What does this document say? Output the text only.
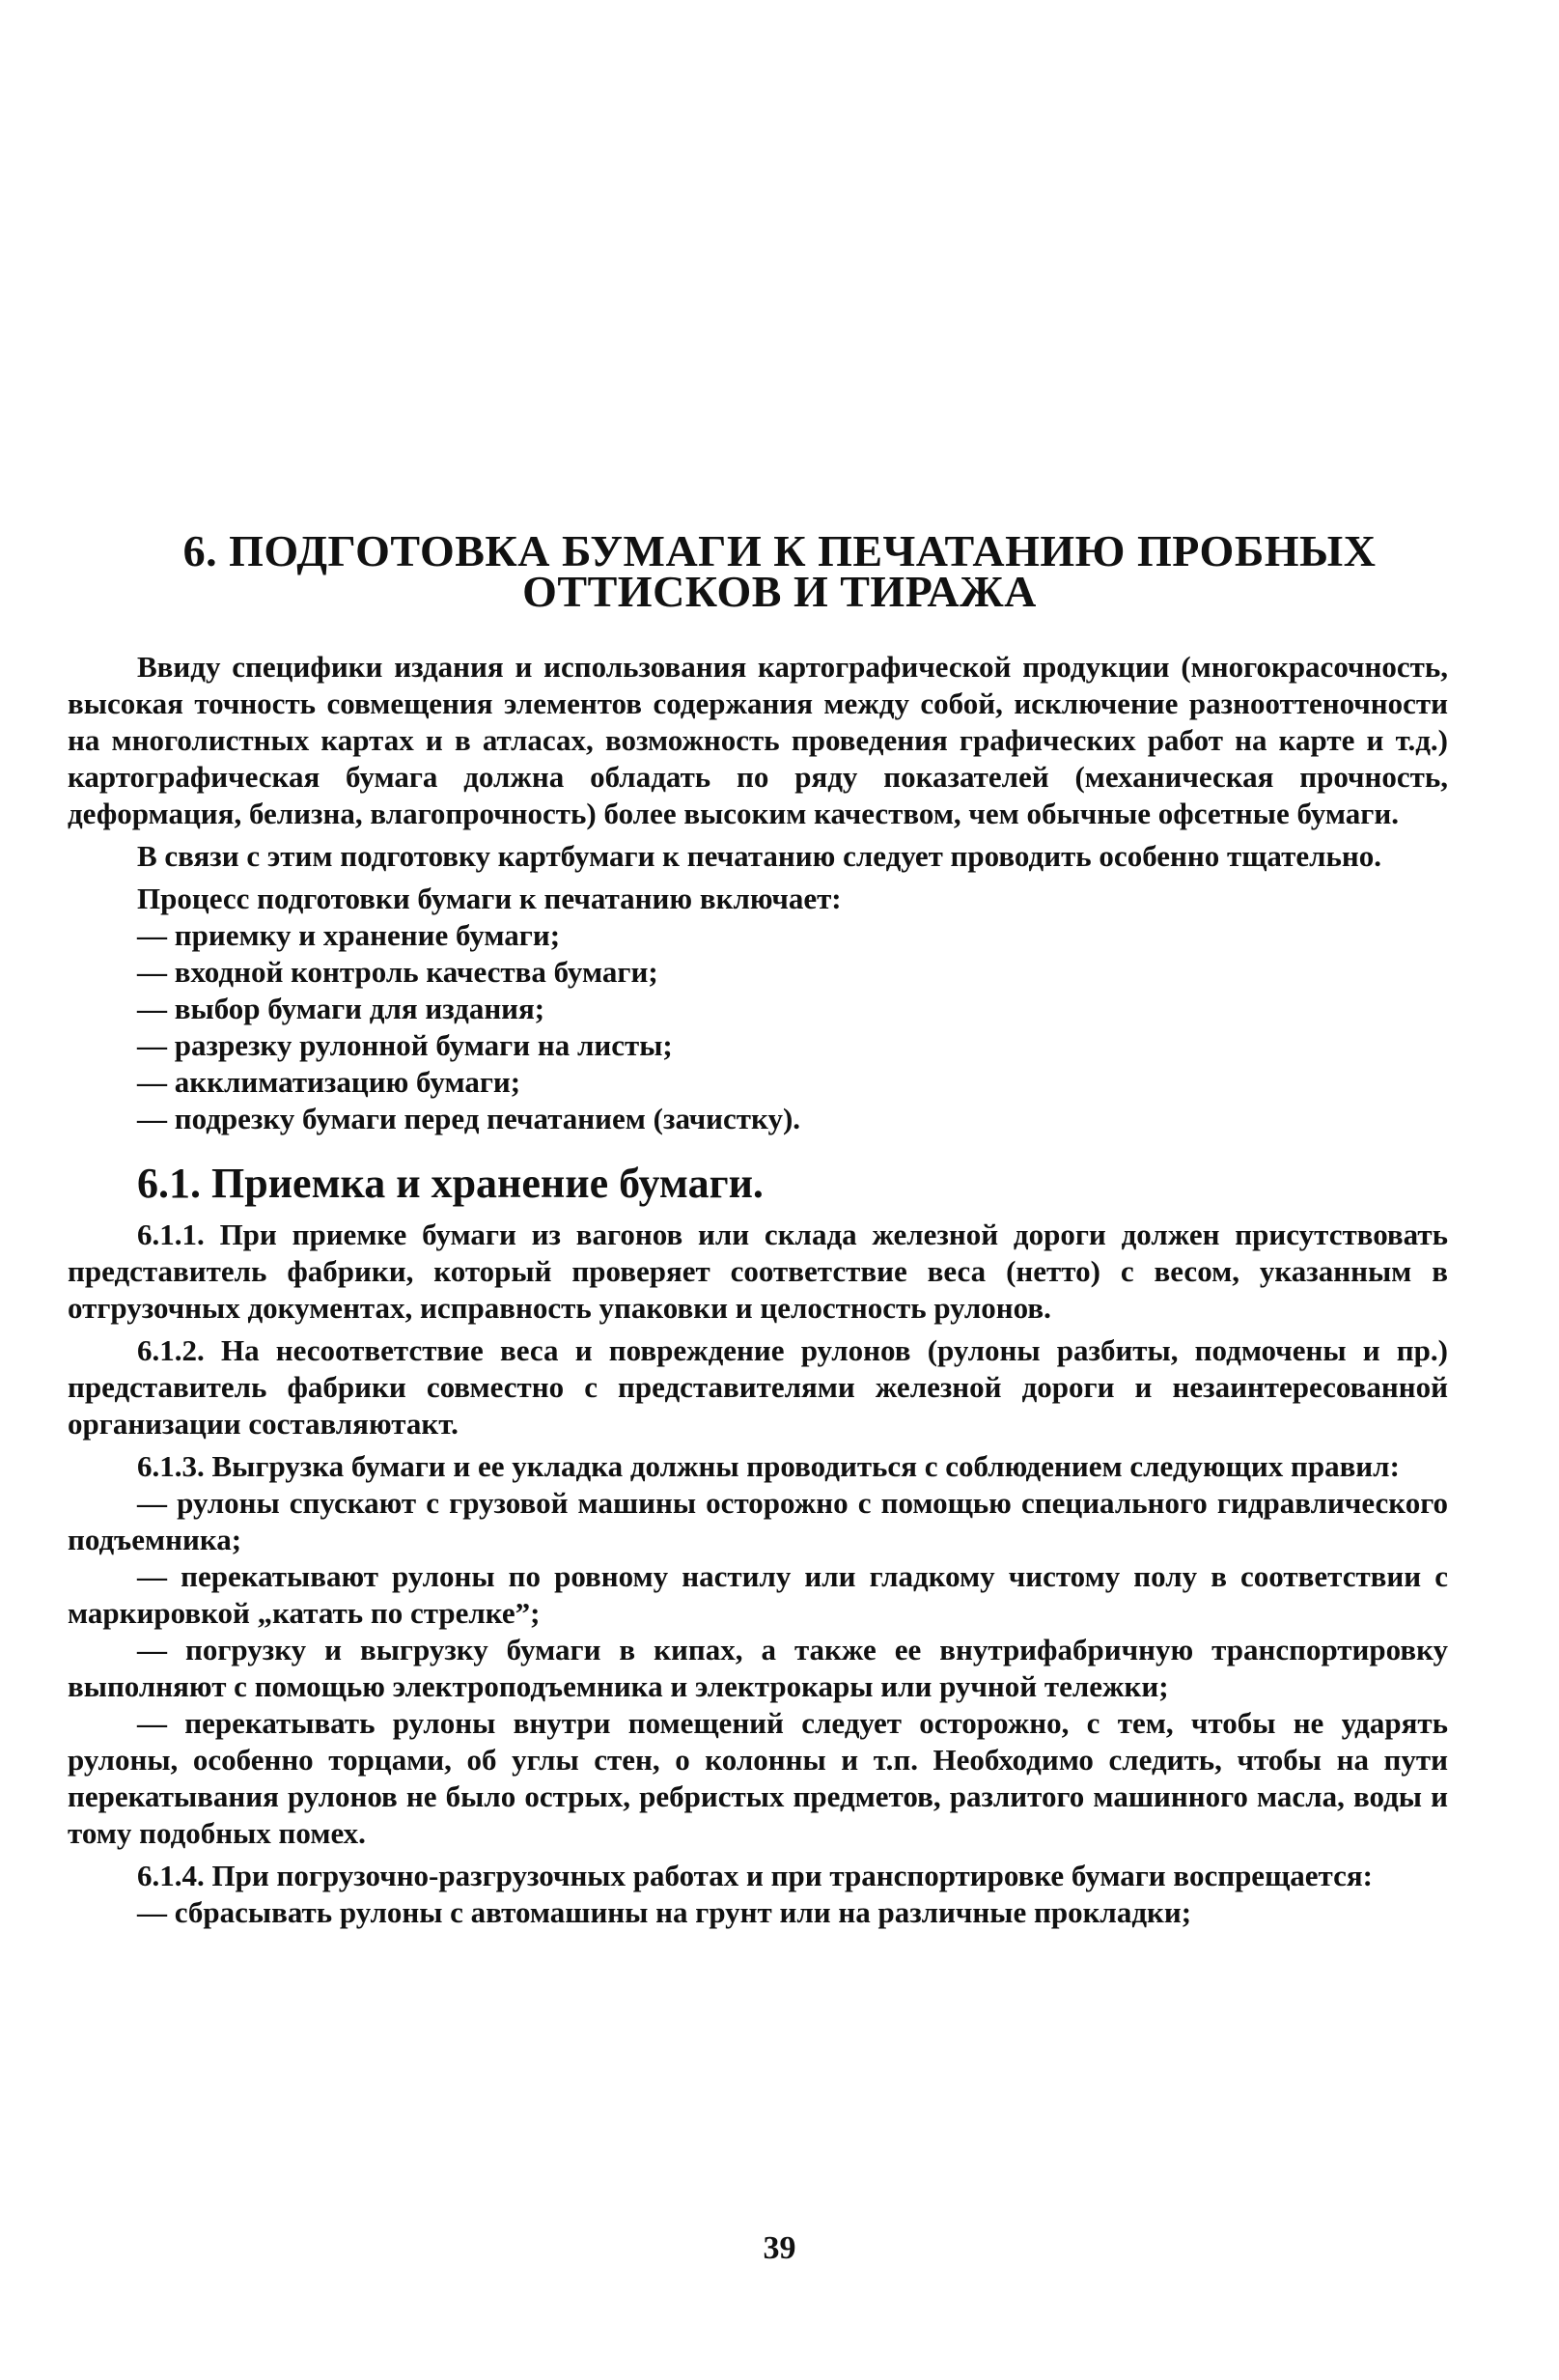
6. ПОДГОТОВКА БУМАГИ К ПЕЧАТАНИЮ ПРОБНЫХ
ОТТИСКОВ И ТИРАЖА

Ввиду специфики издания и использования картографической продукции (многокрасочность, высокая точность совмещения элементов содержания между собой, исключение разнооттеночности на многолистных картах и в атласах, возможность проведения графических работ на карте и т.д.) картографическая бумага должна обладать по ряду показателей (механическая прочность, деформация, белизна, влагопрочность) более высоким качеством, чем обычные офсетные бумаги.

В связи с этим подготовку картбумаги к печатанию следует проводить особенно тщательно.

Процесс подготовки бумаги к печатанию включает:

— приемку и хранение бумаги;

— входной контроль качества бумаги;

— выбор бумаги для издания;

— разрезку рулонной бумаги на листы;

— акклиматизацию бумаги;

— подрезку бумаги перед печатанием (зачистку).

6.1. Приемка и хранение бумаги.

6.1.1. При приемке бумаги из вагонов или склада железной дороги должен присутствовать представитель фабрики, который проверяет соответствие веса (нетто) с весом, указанным в отгрузочных документах, исправность упаковки и целостность рулонов.

6.1.2. На несоответствие веса и повреждение рулонов (рулоны разбиты, подмочены и пр.) представитель фабрики совместно с представителями железной дороги и незаинтересованной организации составляютакт.

6.1.3. Выгрузка бумаги и ее укладка должны проводиться с соблюдением следующих правил:

— рулоны спускают с грузовой машины осторожно с помощью специального гидравлического подъемника;

— перекатывают рулоны по ровному настилу или гладкому чистому полу в соответствии с маркировкой „катать по стрелке”;

— погрузку и выгрузку бумаги в кипах, а также ее внутрифабричную транспортировку выполняют с помощью электроподъемника и электрокары или ручной тележки;

— перекатывать рулоны внутри помещений следует осторожно, с тем, чтобы не ударять рулоны, особенно торцами, об углы стен, о колонны и т.п. Необходимо следить, чтобы на пути перекатывания рулонов не было острых, ребристых предметов, разлитого машинного масла, воды и тому подобных помех.

6.1.4. При погрузочно-разгрузочных работах и при транспортировке бумаги воспрещается:

— сбрасывать рулоны с автомашины на грунт или на различные прокладки;

39
